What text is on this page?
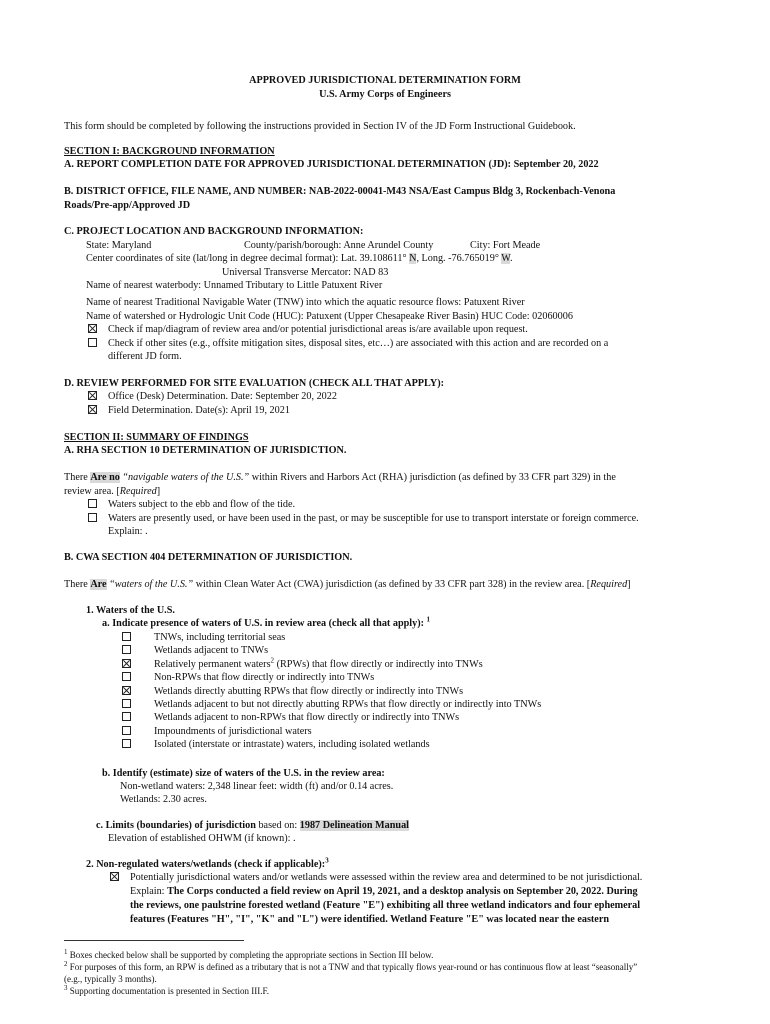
APPROVED JURISDICTIONAL DETERMINATION FORM
U.S. Army Corps of Engineers
This form should be completed by following the instructions provided in Section IV of the JD Form Instructional Guidebook.
SECTION I: BACKGROUND INFORMATION
A. REPORT COMPLETION DATE FOR APPROVED JURISDICTIONAL DETERMINATION (JD): September 20, 2022
B. DISTRICT OFFICE, FILE NAME, AND NUMBER: NAB-2022-00041-M43 NSA/East Campus Bldg 3, Rockenbach-Venona
Roads/Pre-app/Approved JD
C. PROJECT LOCATION AND BACKGROUND INFORMATION:
State: Maryland	County/parish/borough: Anne Arundel County	City: Fort Meade
Center coordinates of site (lat/long in degree decimal format): Lat. 39.108611° N, Long. -76.765019° W.
Universal Transverse Mercator: NAD 83
Name of nearest waterbody: Unnamed Tributary to Little Patuxent River
Name of nearest Traditional Navigable Water (TNW) into which the aquatic resource flows: Patuxent River
Name of watershed or Hydrologic Unit Code (HUC): Patuxent (Upper Chesapeake River Basin) HUC Code: 02060006
Check if map/diagram of review area and/or potential jurisdictional areas is/are available upon request.
Check if other sites (e.g., offsite mitigation sites, disposal sites, etc…) are associated with this action and are recorded on a
different JD form.
D. REVIEW PERFORMED FOR SITE EVALUATION (CHECK ALL THAT APPLY):
Office (Desk) Determination. Date: September 20, 2022
Field Determination. Date(s): April 19, 2021
SECTION II: SUMMARY OF FINDINGS
A. RHA SECTION 10 DETERMINATION OF JURISDICTION.
There Are no “navigable waters of the U.S.” within Rivers and Harbors Act (RHA) jurisdiction (as defined by 33 CFR part 329) in the
review area. [Required]
Waters subject to the ebb and flow of the tide.
Waters are presently used, or have been used in the past, or may be susceptible for use to transport interstate or foreign commerce.
Explain: .
B. CWA SECTION 404 DETERMINATION OF JURISDICTION.
There Are “waters of the U.S.” within Clean Water Act (CWA) jurisdiction (as defined by 33 CFR part 328) in the review area. [Required]
1. Waters of the U.S.
a. Indicate presence of waters of U.S. in review area (check all that apply): $^1$
TNWs, including territorial seas
Wetlands adjacent to TNWs
Relatively permanent waters$^2$ (RPWs) that flow directly or indirectly into TNWs
Non-RPWs that flow directly or indirectly into TNWs
Wetlands directly abutting RPWs that flow directly or indirectly into TNWs
Wetlands adjacent to but not directly abutting RPWs that flow directly or indirectly into TNWs
Wetlands adjacent to non-RPWs that flow directly or indirectly into TNWs
Impoundments of jurisdictional waters
Isolated (interstate or intrastate) waters, including isolated wetlands
b. Identify (estimate) size of waters of the U.S. in the review area:
Non-wetland waters: 2,348 linear feet: width (ft) and/or 0.14 acres.
Wetlands: 2.30 acres.
c. Limits (boundaries) of jurisdiction based on: 1987 Delineation Manual
Elevation of established OHWM (if known): .
2. Non-regulated waters/wetlands (check if applicable):$^3$
Potentially jurisdictional waters and/or wetlands were assessed within the review area and determined to be not jurisdictional.
Explain: The Corps conducted a field review on April 19, 2021, and a desktop analysis on September 20, 2022. During
the reviews, one paulstrine forested wetland (Feature "E") exhibiting all three wetland indicators and four ephemeral
features (Features "H", "I", "K" and "L") were identified. Wetland Feature "E" was located near the eastern
$^1$ Boxes checked below shall be supported by completing the appropriate sections in Section III below.
$^2$ For purposes of this form, an RPW is defined as a tributary that is not a TNW and that typically flows year-round or has continuous flow at least “seasonally”
(e.g., typically 3 months).
$^3$ Supporting documentation is presented in Section III.F.
